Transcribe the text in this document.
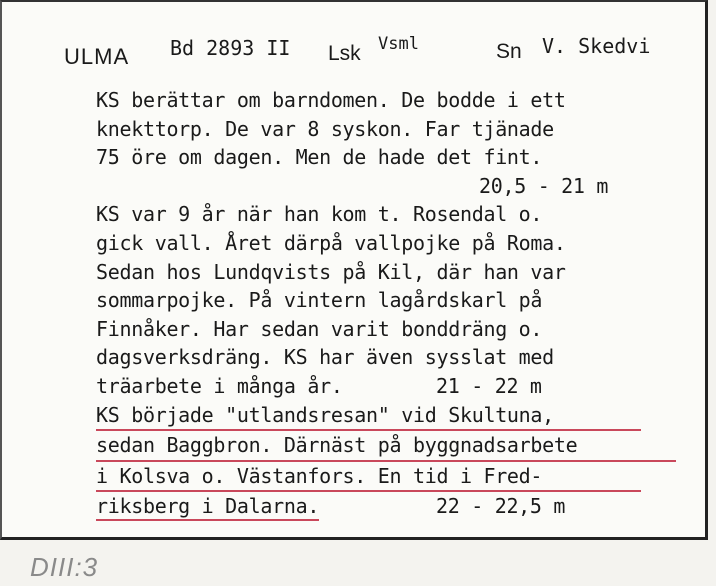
ULMA Bd 2893 II Lsk Vsml	Sn V. Skedvi
KS berättar om barndomen. De bodde i ett
knekttorp. De var 8 syskon. Far tjänade
75 öre om dagen. Men de hade det fint.
20,5 - 21 m
KS var 9 år när han kom t. Rosendal o.
gick vall. Året därpå vallpojke på Roma.
Sedan hos Lundqvists på Kil, där han var
sommarpojke. På vintern lagårdskarl på
Finnåker. Har sedan varit bonddräng o.
dagsverksdräng. KS har även sysslat med
träarbete i många år.	21 - 22 m
KS började "utlandsresan" vid Skultuna,
sedan Baggbron. Därnäst på byggnadsarbete
i Kolsva o. Västanfors. En tid i Fred-
riksberg i Dalarna.	22 - 22,5 m
DIII:3
